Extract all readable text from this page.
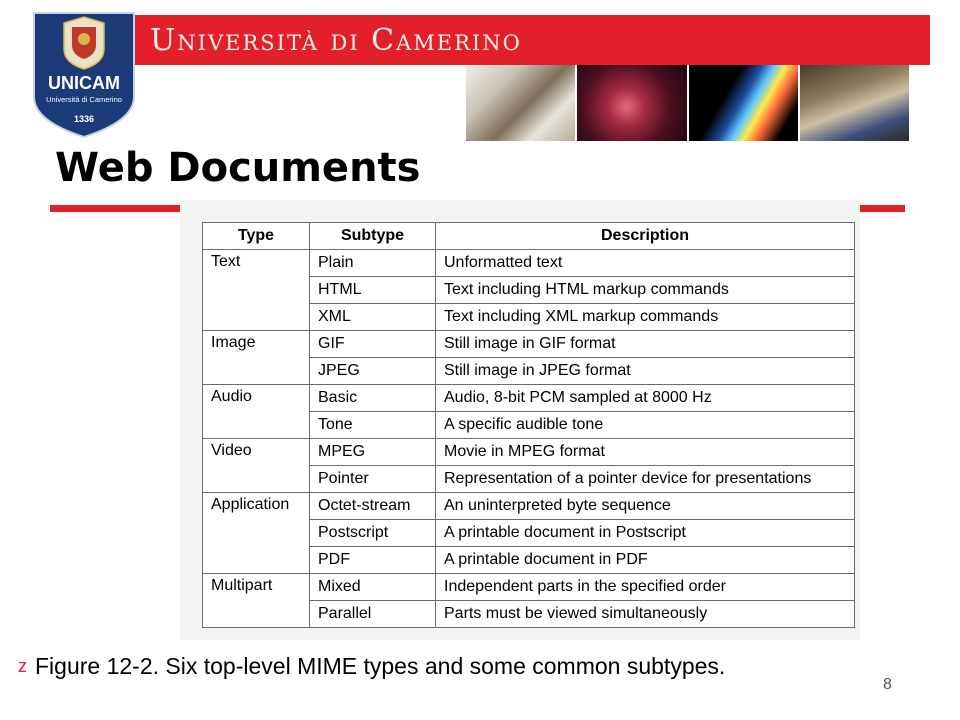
Università di Camerino
UNICAM
Università di Camerino
1336
Web Documents
Type	Subtype	Description
Text	Plain	Unformatted text
	HTML	Text including HTML markup commands
	XML	Text including XML markup commands
Image	GIF	Still image in GIF format
	JPEG	Still image in JPEG format
Audio	Basic	Audio, 8-bit PCM sampled at 8000 Hz
	Tone	A specific audible tone
Video	MPEG	Movie in MPEG format
	Pointer	Representation of a pointer device for presentations
Application	Octet-stream	An uninterpreted byte sequence
	Postscript	A printable document in Postscript
	PDF	A printable document in PDF
Multipart	Mixed	Independent parts in the specified order
	Parallel	Parts must be viewed simultaneously
z Figure 12-2. Six top-level MIME types and some common subtypes.
8
